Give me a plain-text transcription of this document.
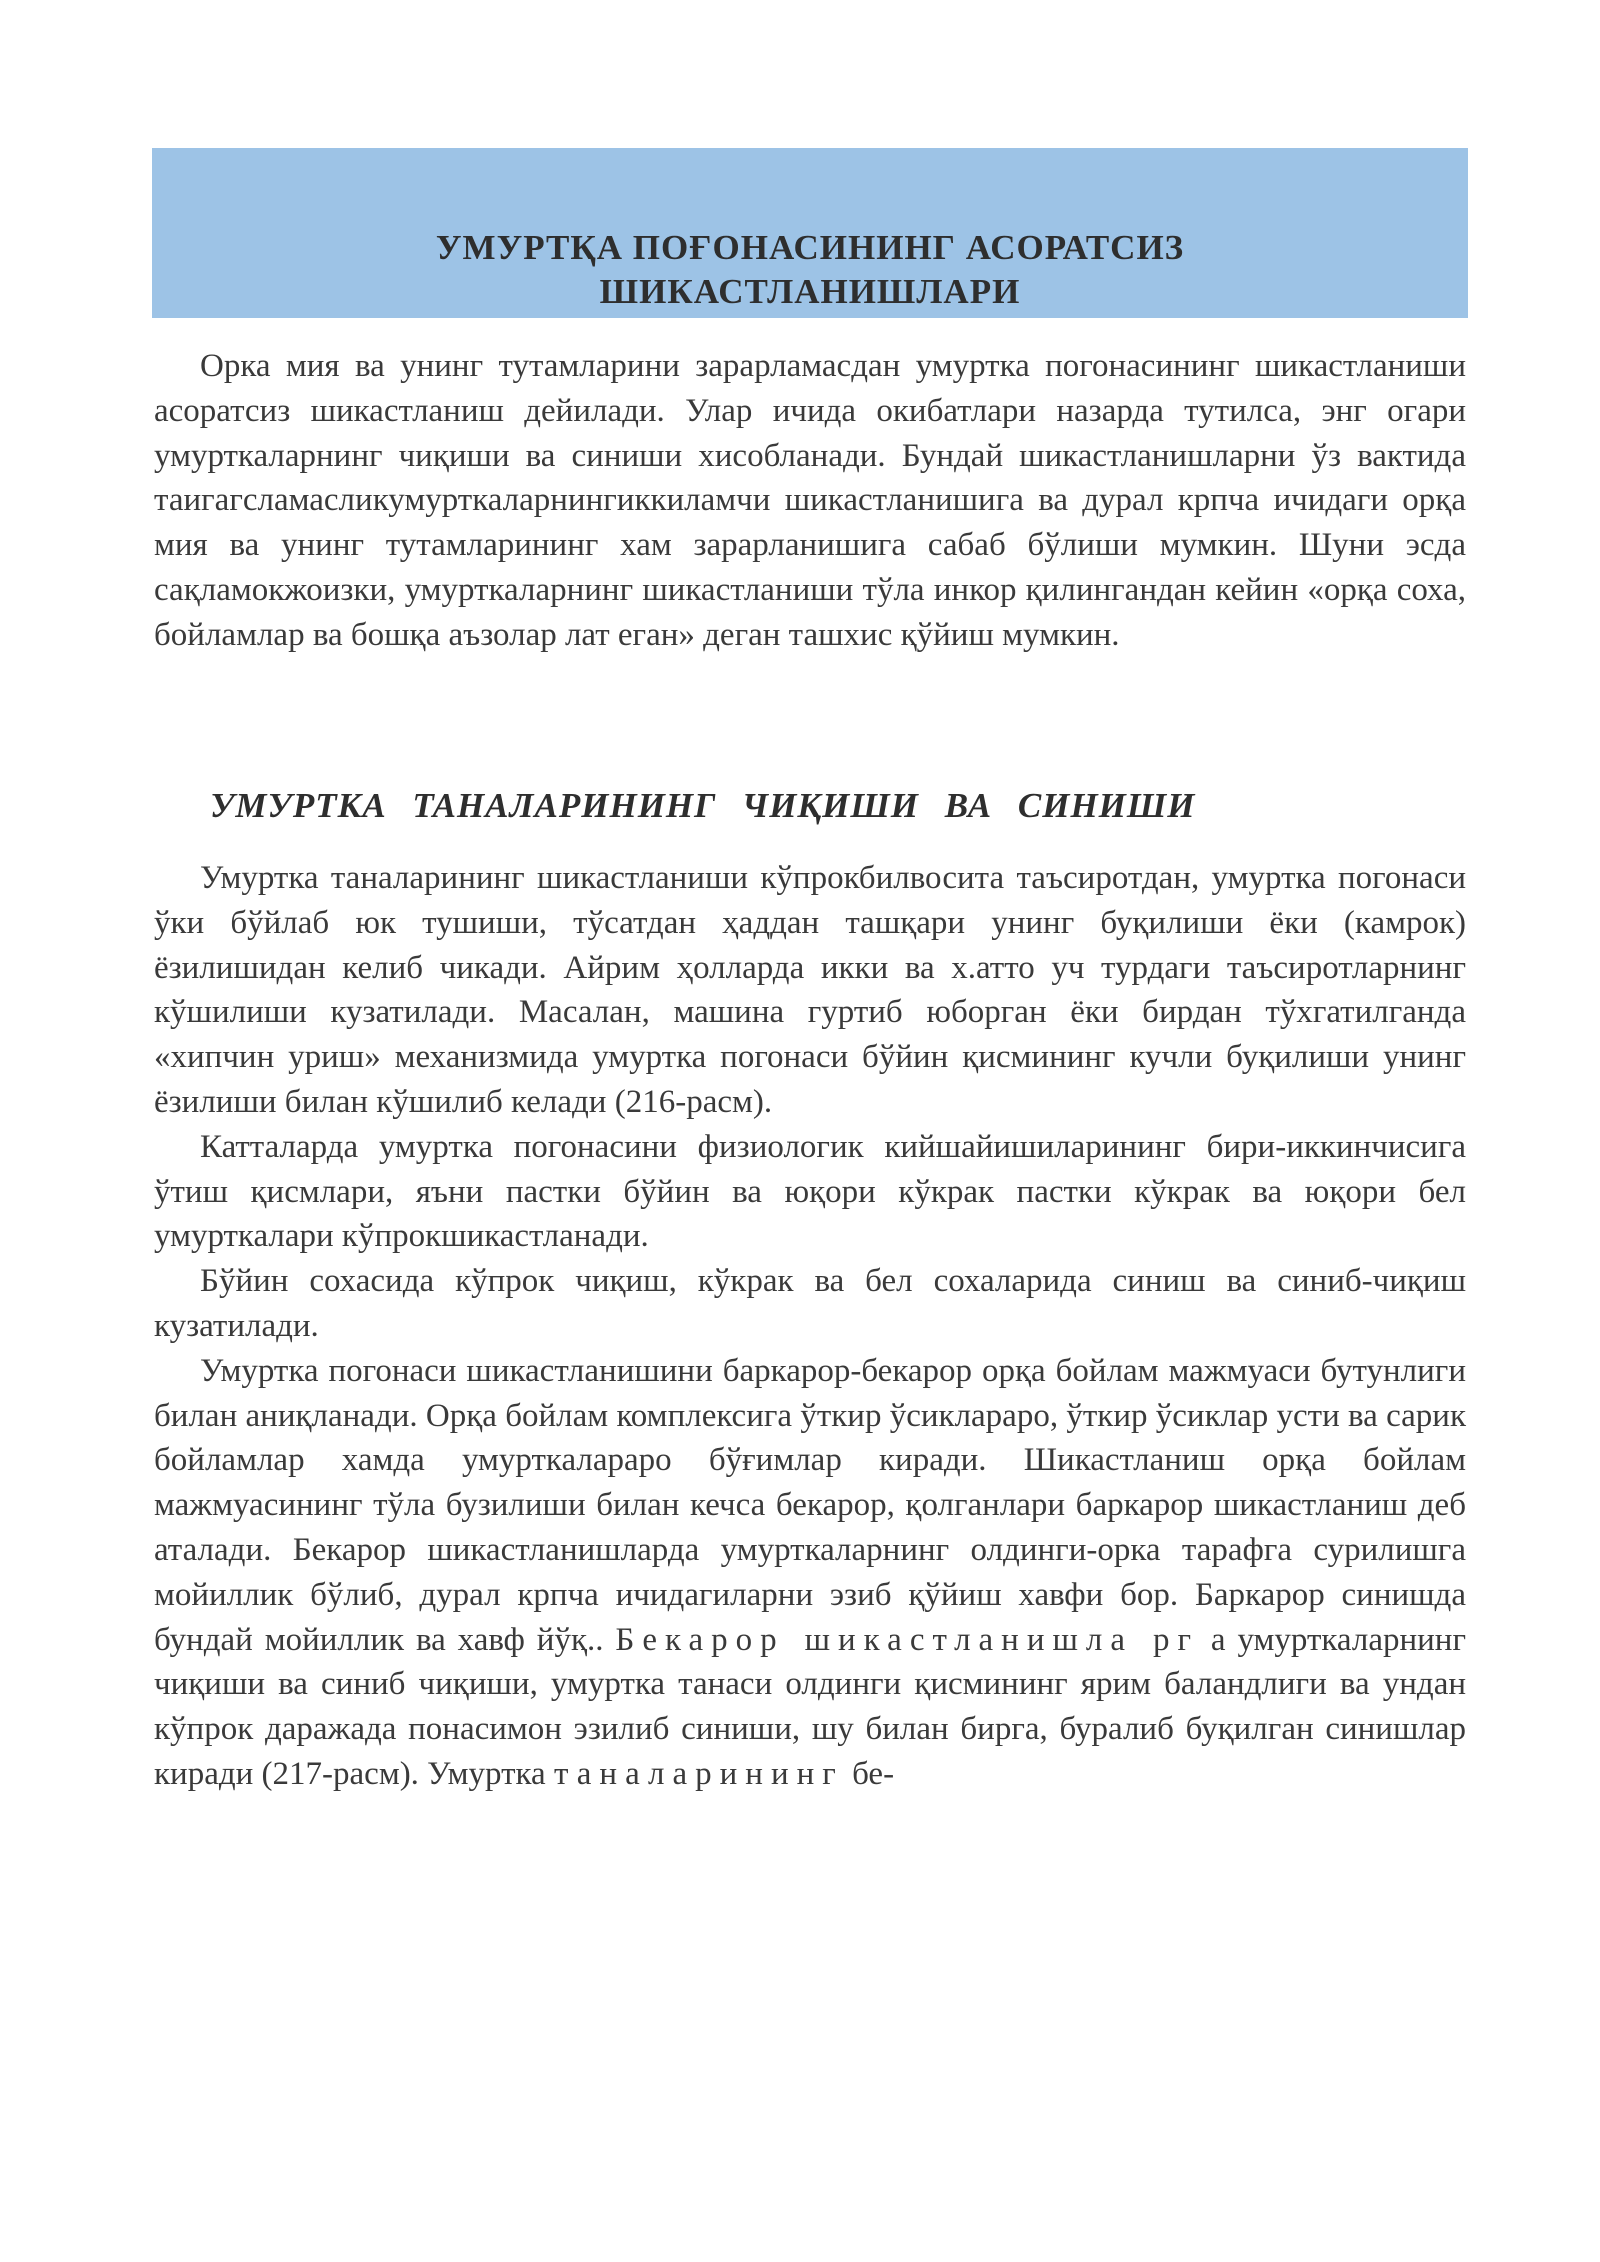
УМУРТҚА ПОҒОНАСИНИНГ АСОРАТСИЗ
ШИКАСТЛАНИШЛАРИ

Орка мия ва унинг тутамларини зарарламасдан умуртка погонасининг шикастланиши асоратсиз шикастланиш дейилади. Улар ичида окибатлари назарда тутилса, энг огари умурткаларнинг чиқиши ва синиши хисобланади. Бундай шикастланишларни ўз вактида таигагсламасликумурткаларнингиккиламчи шикастланишига ва дурал крпча ичидаги орқа мия ва унинг тутамларининг хам зарарланишига сабаб бўлиши мумкин. Шуни эсда сақламокжоизки, умурткаларнинг шикастланиши тўла инкор қилингандан кейин «орқа соха, бойламлар ва бошқа аъзолар лат еган» деган ташхис қўйиш мумкин.

УМУРТКА ТАНАЛАРИНИНГ ЧИҚИШИ ВА СИНИШИ

Умуртка таналарининг шикастланиши кўпрокбилвосита таъсиротдан, умуртка погонаси ўки бўйлаб юк тушиши, тўсатдан ҳаддан ташқари унинг буқилиши ёки (камрок) ёзилишидан келиб чикади. Айрим ҳолларда икки ва х.атто уч турдаги таъсиротларнинг кўшилиши кузатилади. Масалан, машина гуртиб юборган ёки бирдан тўхгатилганда «хипчин уриш» механизмида умуртка погонаси бўйин қисмининг кучли буқилиши унинг ёзилиши билан кўшилиб келади (216-расм).

Катталарда умуртка погонасини физиологик кийшайишиларининг бири-иккинчисига ўтиш қисмлари, яъни пастки бўйин ва юқори кўкрак пастки кўкрак ва юқори бел умурткалари кўпрокшикастланади.

Бўйин сохасида кўпрок чиқиш, кўкрак ва бел сохаларида синиш ва синиб-чиқиш кузатилади.

Умуртка погонаси шикастланишини баркарор-бекарор орқа бойлам мажмуаси бутунлиги билан аниқланади. Орқа бойлам комплексига ўткир ўсиклараро, ўткир ўсиклар усти ва сарик бойламлар хамда умурткалараро бўғимлар киради. Шикастланиш орқа бойлам мажмуасининг тўла бузилиши билан кечса бекарор, қолганлари баркарор шикастланиш деб аталади. Бекарор шикастланишларда умурткаларнинг олдинги-орка тарафга сурилишга мойиллик бўлиб, дурал крпча ичидагиларни эзиб қўйиш хавфи бор. Баркарор синишда бундай мойиллик ва хавф йўқ.. Бекарор шикастланишла рг а умурткаларнинг чиқиши ва синиб чиқиши, умуртка танаси олдинги қисмининг ярим баландлиги ва ундан кўпрок даражада понасимон эзилиб синиши, шу билан бирга, буралиб буқилган синишлар киради (217-расм). Умуртка таналарининг бе-
